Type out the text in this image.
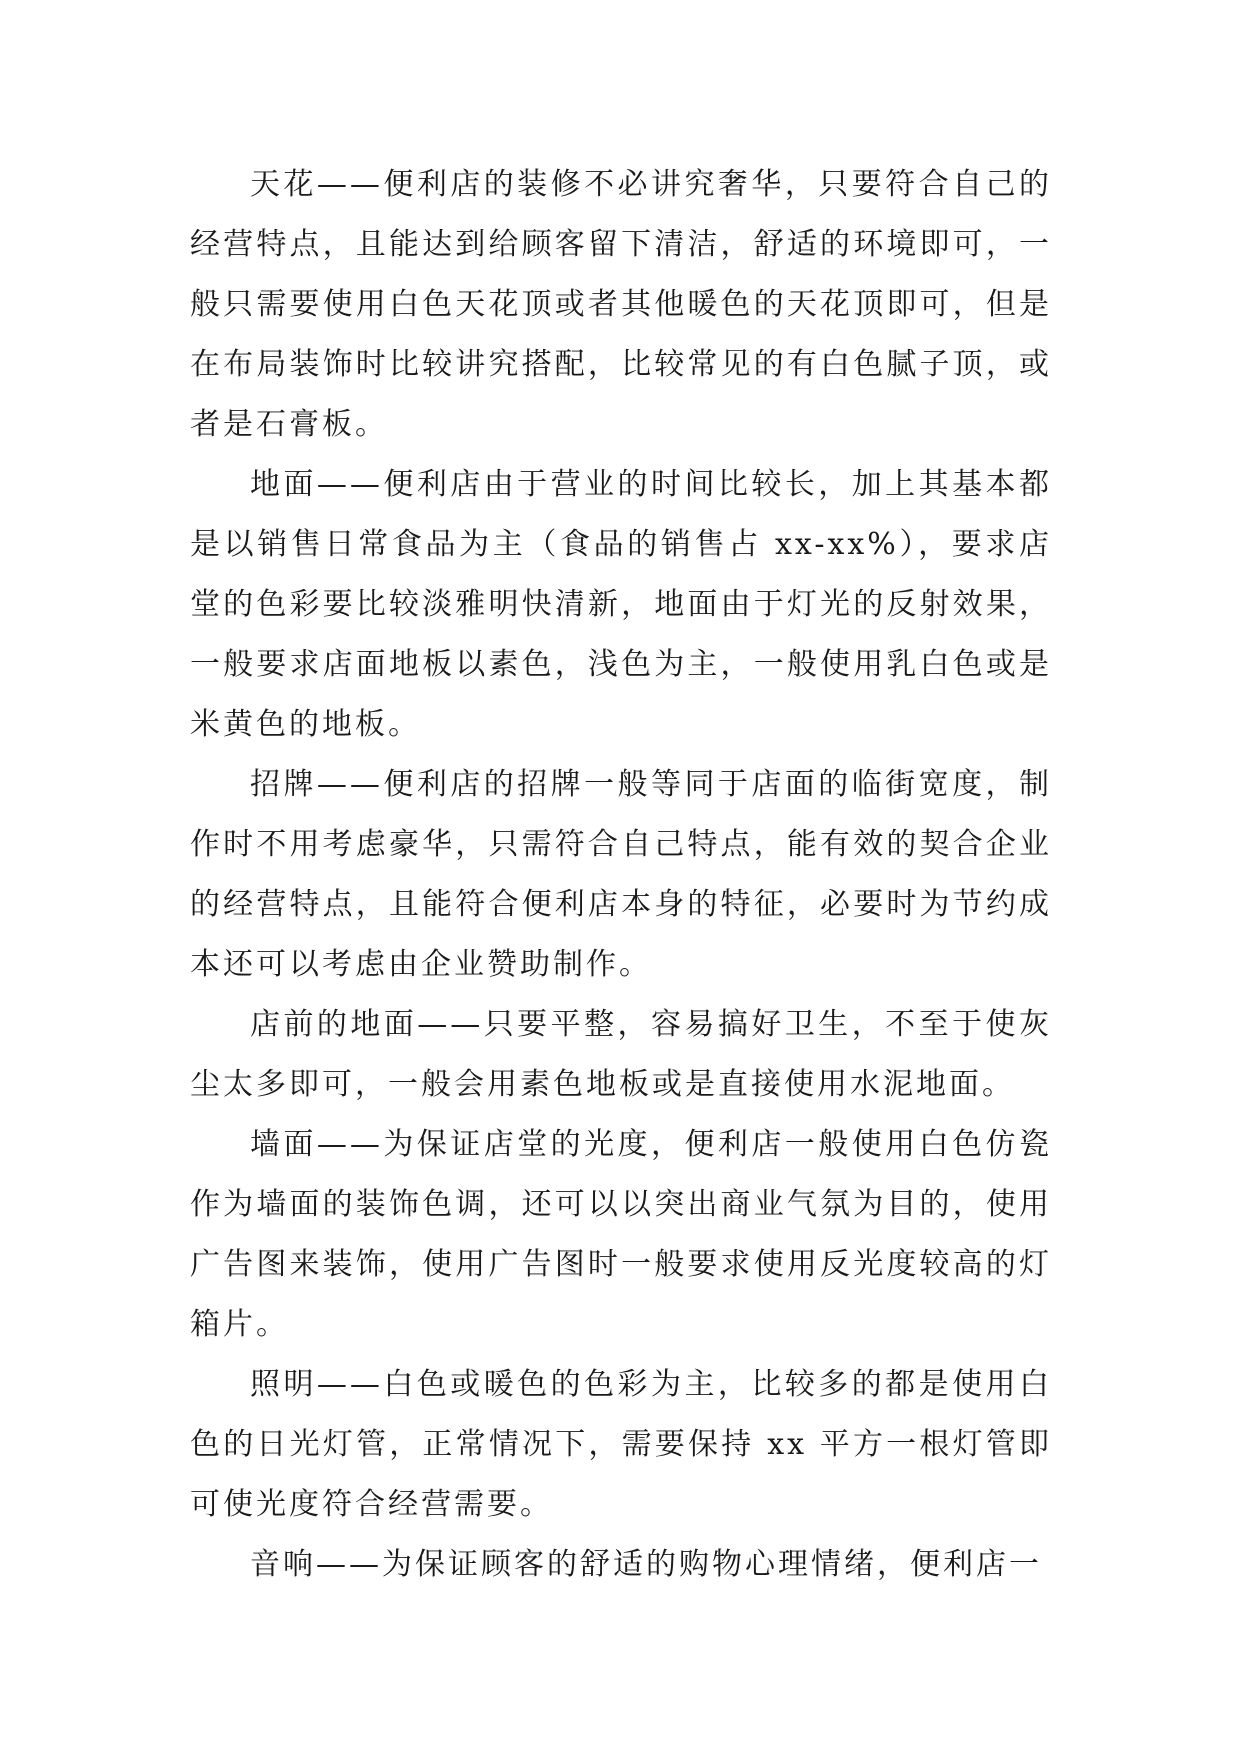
天花——便利店的装修不必讲究奢华，只要符合自己的经营特点，且能达到给顾客留下清洁，舒适的环境即可，一般只需要使用白色天花顶或者其他暖色的天花顶即可，但是在布局装饰时比较讲究搭配，比较常见的有白色腻子顶，或者是石膏板。

地面——便利店由于营业的时间比较长，加上其基本都是以销售日常食品为主（食品的销售占 xx-xx%），要求店堂的色彩要比较淡雅明快清新，地面由于灯光的反射效果，一般要求店面地板以素色，浅色为主，一般使用乳白色或是米黄色的地板。

招牌——便利店的招牌一般等同于店面的临街宽度，制作时不用考虑豪华，只需符合自己特点，能有效的契合企业的经营特点，且能符合便利店本身的特征，必要时为节约成本还可以考虑由企业赞助制作。

店前的地面——只要平整，容易搞好卫生，不至于使灰尘太多即可，一般会用素色地板或是直接使用水泥地面。

墙面——为保证店堂的光度，便利店一般使用白色仿瓷作为墙面的装饰色调，还可以以突出商业气氛为目的，使用广告图来装饰，使用广告图时一般要求使用反光度较高的灯箱片。

照明——白色或暖色的色彩为主，比较多的都是使用白色的日光灯管，正常情况下，需要保持 xx 平方一根灯管即可使光度符合经营需要。

音响——为保证顾客的舒适的购物心理情绪，便利店一
